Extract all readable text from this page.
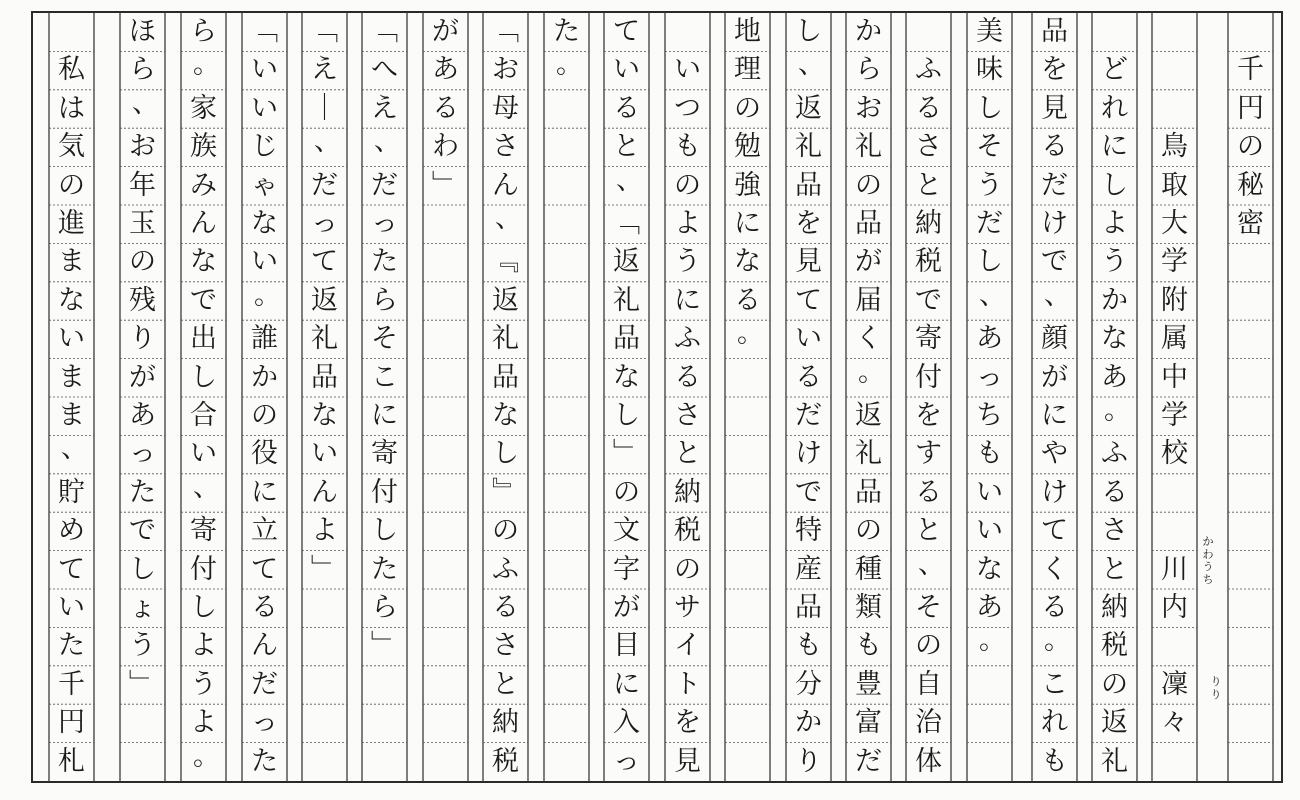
千
円
の
秘
密
鳥
取
大
学
附
属
中
学
校
川
内
凜
々
ど
れ
に
し
よ
う
か
な
あ
。
ふ
る
さ
と
納
税
の
返
礼
品
を
見
る
だ
け
で
、
顔
が
に
や
け
て
く
る
。
こ
れ
も
美
味
し
そ
う
だ
し
、
あ
っ
ち
も
い
い
な
あ
。
ふ
る
さ
と
納
税
で
寄
付
を
す
る
と
、
そ
の
自
治
体
か
ら
お
礼
の
品
が
届
く
。
返
礼
品
の
種
類
も
豊
富
だ
し
、
返
礼
品
を
見
て
い
る
だ
け
で
特
産
品
も
分
か
り
地
理
の
勉
強
に
な
る
。
い
つ
も
の
よ
う
に
ふ
る
さ
と
納
税
の
サ
イ
ト
を
見
て
い
る
と
、
﹁
返
礼
品
な
し
﹂
の
文
字
が
目
に
入
っ
た
。
﹁
お
母
さ
ん
、
﹃
返
礼
品
な
し
﹄
の
ふ
る
さ
と
納
税
が
あ
る
わ
﹂
﹁
へ
え
、
だ
っ
た
ら
そ
こ
に
寄
付
し
た
ら
﹂
﹁
え
｜
、
だ
っ
て
返
礼
品
な
い
ん
よ
﹂
﹁
い
い
じ
ゃ
な
い
。
誰
か
の
役
に
立
て
る
ん
だ
っ
た
ら
。
家
族
み
ん
な
で
出
し
合
い
、
寄
付
し
よ
う
よ
。
ほ
ら
、
お
年
玉
の
残
り
が
あ
っ
た
で
し
ょ
う
﹂
私
は
気
の
進
ま
な
い
ま
ま
、
貯
め
て
い
た
千
円
札
かわうち
りり
